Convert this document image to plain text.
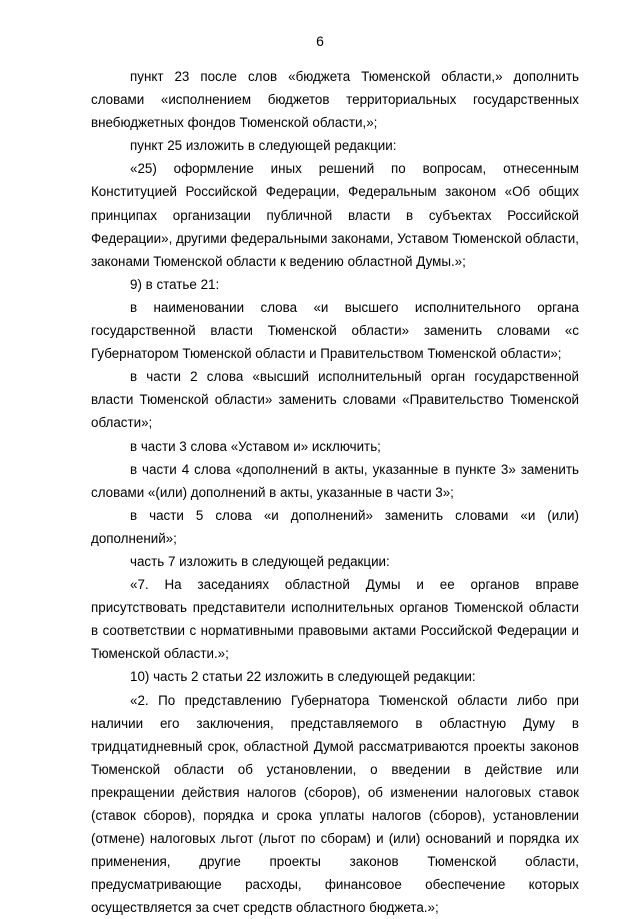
6

пункт 23 после слов «бюджета Тюменской области,» дополнить словами «исполнением бюджетов территориальных государственных внебюджетных фондов Тюменской области,»;

пункт 25 изложить в следующей редакции:

«25) оформление иных решений по вопросам, отнесенным Конституцией Российской Федерации, Федеральным законом «Об общих принципах организации публичной власти в субъектах Российской Федерации», другими федеральными законами, Уставом Тюменской области, законами Тюменской области к ведению областной Думы.»;

9) в статье 21:

в наименовании слова «и высшего исполнительного органа государственной власти Тюменской области» заменить словами «с Губернатором Тюменской области и Правительством Тюменской области»;

в части 2 слова «высший исполнительный орган государственной власти Тюменской области» заменить словами «Правительство Тюменской области»;

в части 3 слова «Уставом и» исключить;

в части 4 слова «дополнений в акты, указанные в пункте 3» заменить словами «(или) дополнений в акты, указанные в части 3»;

в части 5 слова «и дополнений» заменить словами «и (или) дополнений»;

часть 7 изложить в следующей редакции:

«7. На заседаниях областной Думы и ее органов вправе присутствовать представители исполнительных органов Тюменской области в соответствии с нормативными правовыми актами Российской Федерации и Тюменской области.»;

10) часть 2 статьи 22 изложить в следующей редакции:

«2. По представлению Губернатора Тюменской области либо при наличии его заключения, представляемого в областную Думу в тридцатидневный срок, областной Думой рассматриваются проекты законов Тюменской области об установлении, о введении в действие или прекращении действия налогов (сборов), об изменении налоговых ставок (ставок сборов), порядка и срока уплаты налогов (сборов), установлении (отмене) налоговых льгот (льгот по сборам) и (или) оснований и порядка их применения, другие проекты законов Тюменской области, предусматривающие расходы, финансовое обеспечение которых осуществляется за счет средств областного бюджета.»;
